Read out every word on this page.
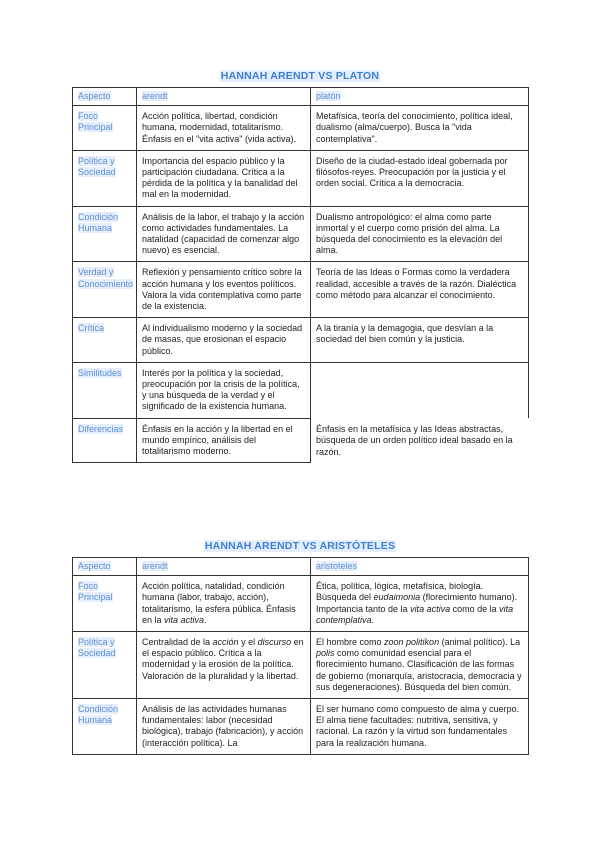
HANNAH ARENDT VS PLATON
Aspecto	arendt	platón
Foco Principal	Acción política, libertad, condición humana, modernidad, totalitarismo. Énfasis en el "vita activa" (vida activa).	Metafísica, teoría del conocimiento, política ideal, dualismo (alma/cuerpo). Busca la "vida contemplativa".
Política y Sociedad	Importancia del espacio público y la participación ciudadana. Crítica a la pérdida de la política y la banalidad del mal en la modernidad.	Diseño de la ciudad-estado ideal gobernada por filósofos-reyes. Preocupación por la justicia y el orden social. Crítica a la democracia.
Condición Humana	Análisis de la labor, el trabajo y la acción como actividades fundamentales. La natalidad (capacidad de comenzar algo nuevo) es esencial.	Dualismo antropológico: el alma como parte inmortal y el cuerpo como prisión del alma. La búsqueda del conocimiento es la elevación del alma.
Verdad y Conocimiento	Reflexión y pensamiento crítico sobre la acción humana y los eventos políticos. Valora la vida contemplativa como parte de la existencia.	Teoría de las Ideas o Formas como la verdadera realidad, accesible a través de la razón. Dialéctica como método para alcanzar el conocimiento.
Crítica	Al individualismo moderno y la sociedad de masas, que erosionan el espacio público.	A la tiranía y la demagogia, que desvían a la sociedad del bien común y la justicia.
Similitudes	Interés por la política y la sociedad, preocupación por la crisis de la política, y una búsqueda de la verdad y el significado de la existencia humana.	
Diferencias	Énfasis en la acción y la libertad en el mundo empírico, análisis del totalitarismo moderno.	Énfasis en la metafísica y las Ideas abstractas, búsqueda de un orden político ideal basado en la razón.
HANNAH ARENDT VS ARISTÓTELES
Aspecto	arendt	aristoteles
Foco Principal	Acción política, natalidad, condición humana (labor, trabajo, acción), totalitarismo, la esfera pública. Énfasis en la vita activa.	Ética, política, lógica, metafísica, biología. Búsqueda del eudaimonia (florecimiento humano). Importancia tanto de la vita activa como de la vita contemplativa.
Política y Sociedad	Centralidad de la acción y el discurso en el espacio público. Crítica a la modernidad y la erosión de la política. Valoración de la pluralidad y la libertad.	El hombre como zoon politikon (animal político). La polis como comunidad esencial para el florecimiento humano. Clasificación de las formas de gobierno (monarquía, aristocracia, democracia y sus degeneraciones). Búsqueda del bien común.
Condición Humana	Análisis de las actividades humanas fundamentales: labor (necesidad biológica), trabajo (fabricación), y acción (interacción política). La	El ser humano como compuesto de alma y cuerpo. El alma tiene facultades: nutritiva, sensitiva, y racional. La razón y la virtud son fundamentales para la realización humana.
